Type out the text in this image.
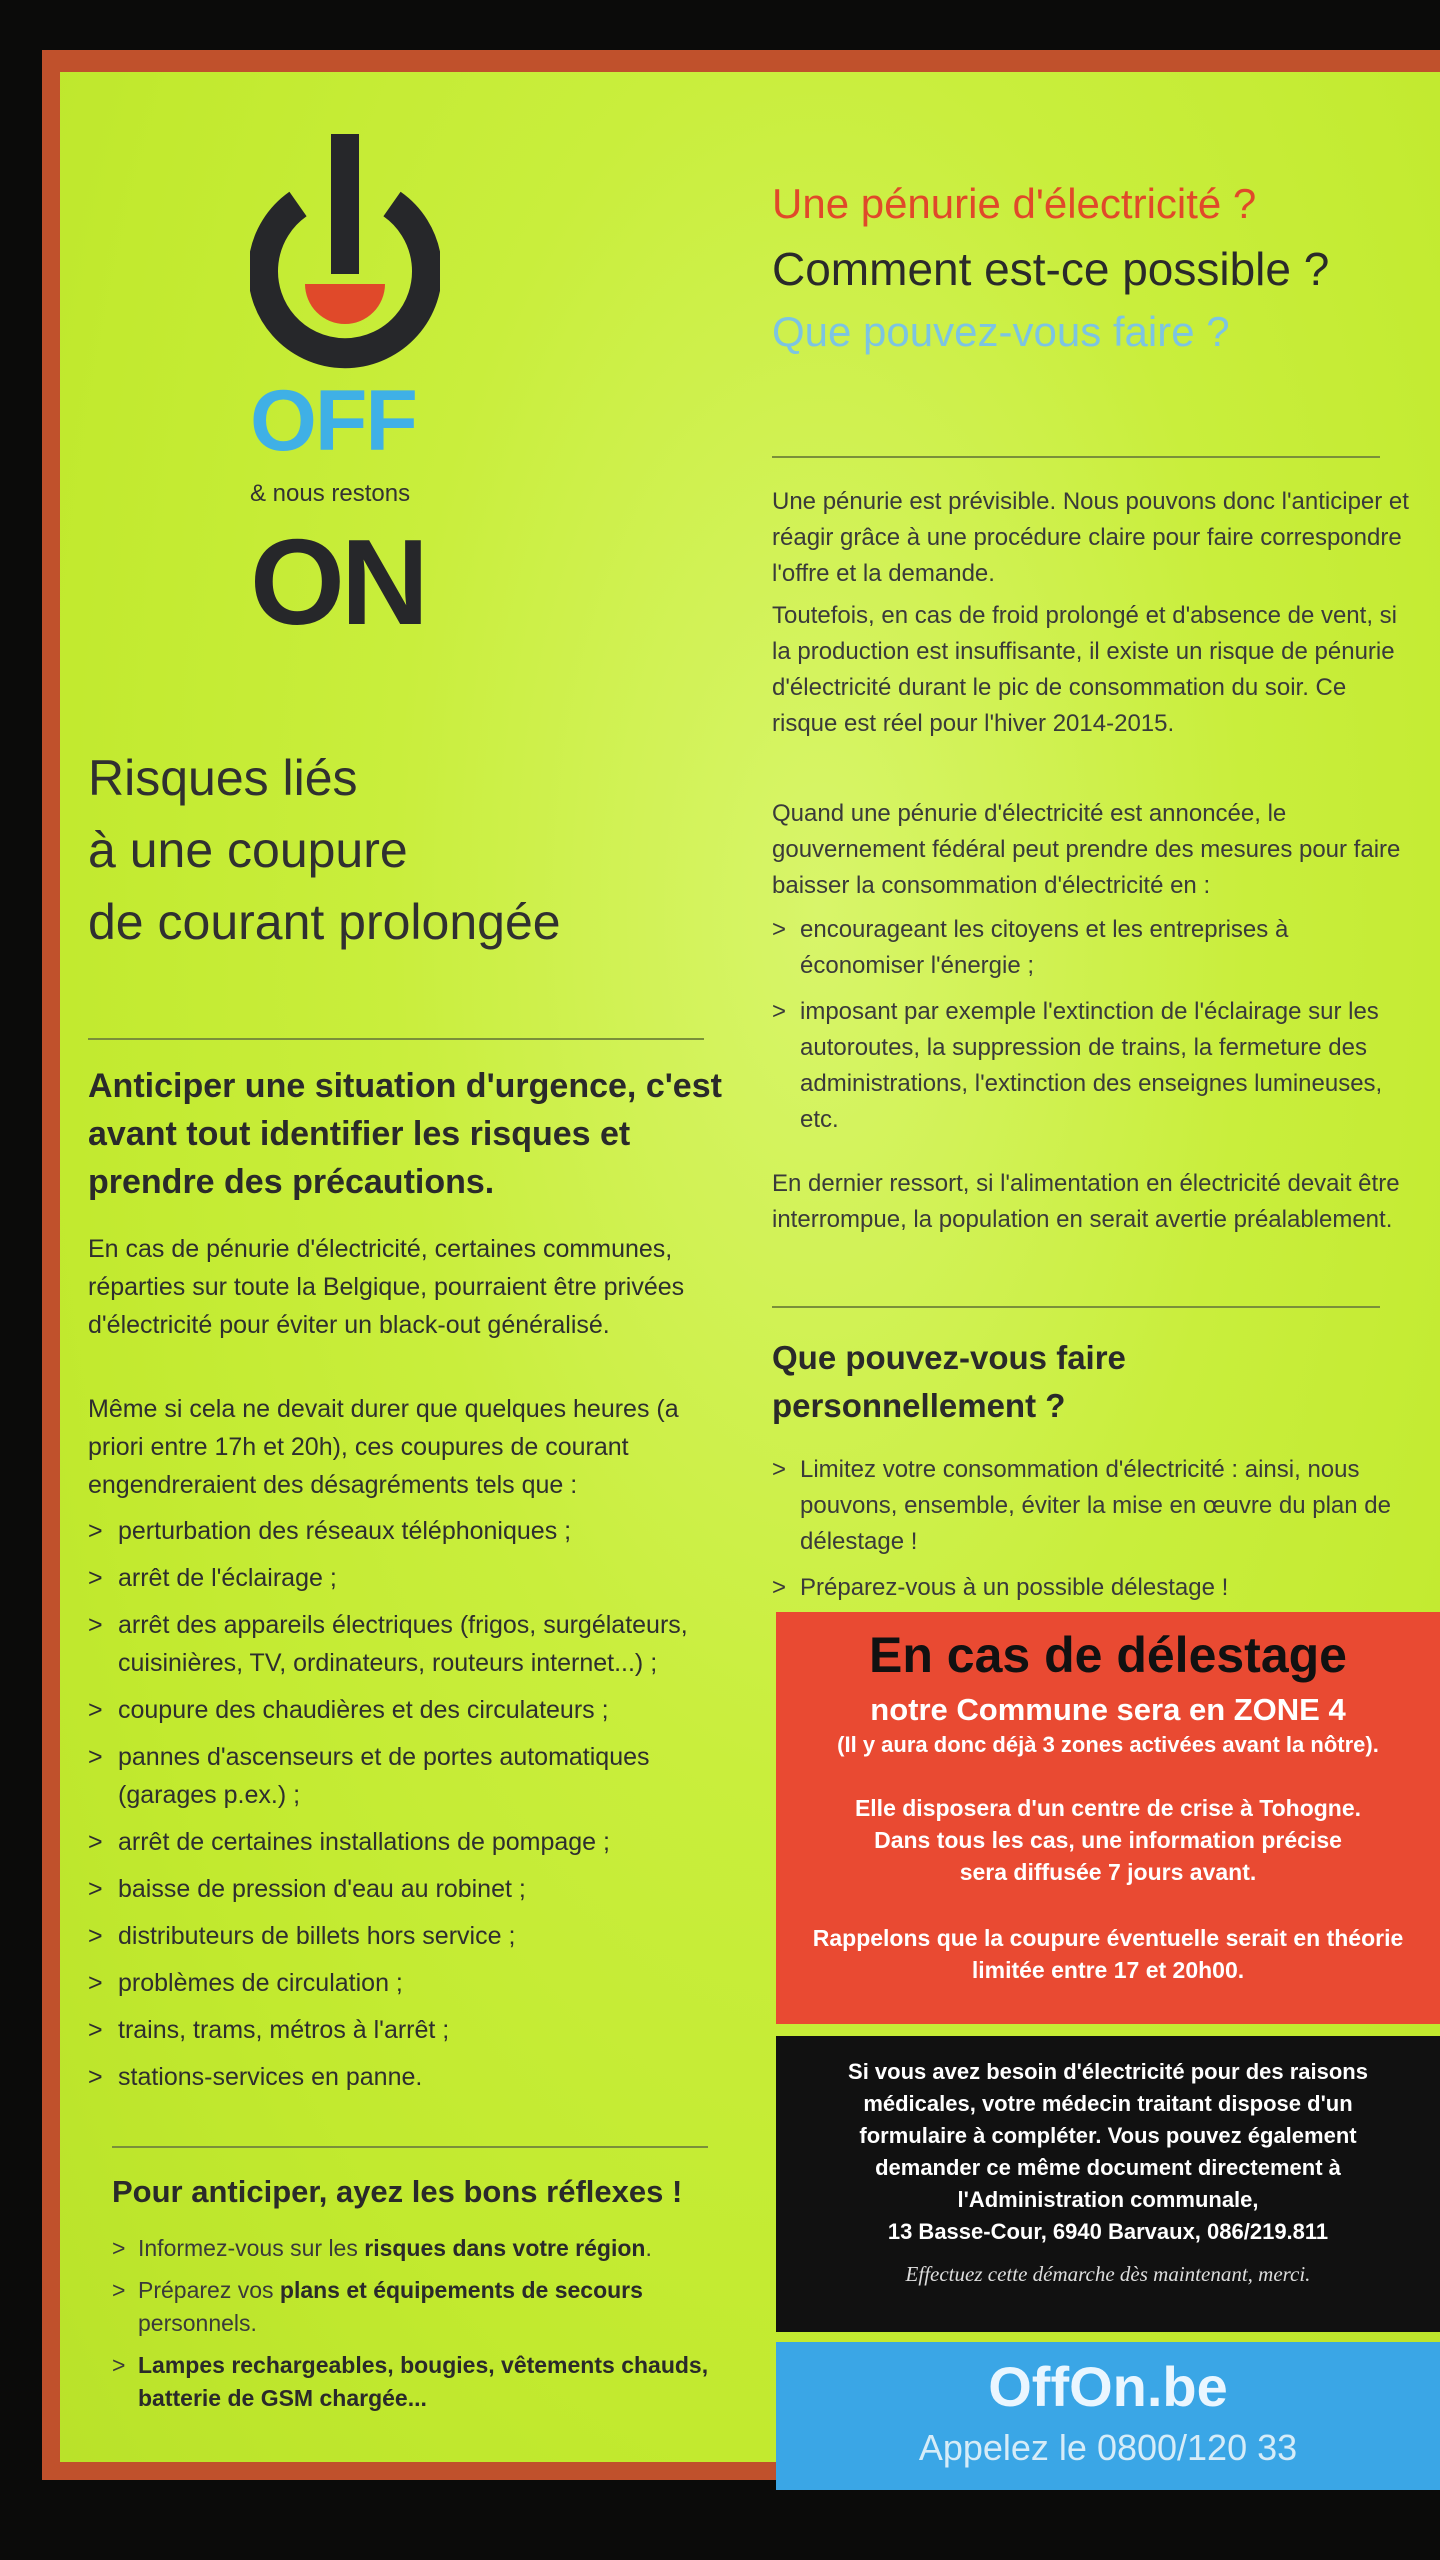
OFF
& nous restons
ON
Risques liés
à une coupure
de courant prolongée
Anticiper une situation d'urgence, c'est
avant tout identifier les risques et
prendre des précautions.
En cas de pénurie d'électricité, certaines communes, réparties sur toute la Belgique, pourraient être privées d'électricité pour éviter un black-out généralisé.
Même si cela ne devait durer que quelques heures (a priori entre 17h et 20h), ces coupures de courant engendreraient des désagréments tels que :
> perturbation des réseaux téléphoniques ;
> arrêt de l'éclairage ;
> arrêt des appareils électriques (frigos, surgélateurs, cuisinières, TV, ordinateurs, routeurs internet...) ;
> coupure des chaudières et des circulateurs ;
> pannes d'ascenseurs et de portes automatiques (garages p.ex.) ;
> arrêt de certaines installations de pompage ;
> baisse de pression d'eau au robinet ;
> distributeurs de billets hors service ;
> problèmes de circulation ;
> trains, trams, métros à l'arrêt ;
> stations-services en panne.
Pour anticiper, ayez les bons réflexes !
> Informez-vous sur les risques dans votre région.
> Préparez vos plans et équipements de secours personnels.
> Lampes rechargeables, bougies, vêtements chauds, batterie de GSM chargée...
Une pénurie d'électricité ?
Comment est-ce possible ?
Que pouvez-vous faire ?
Une pénurie est prévisible. Nous pouvons donc l'anticiper et réagir grâce à une procédure claire pour faire correspondre l'offre et la demande.
Toutefois, en cas de froid prolongé et d'absence de vent, si la production est insuffisante, il existe un risque de pénurie d'électricité durant le pic de consommation du soir. Ce risque est réel pour l'hiver 2014-2015.
Quand une pénurie d'électricité est annoncée, le gouvernement fédéral peut prendre des mesures pour faire baisser la consommation d'électricité en :
> encourageant les citoyens et les entreprises à économiser l'énergie ;
> imposant par exemple l'extinction de l'éclairage sur les autoroutes, la suppression de trains, la fermeture des administrations, l'extinction des enseignes lumineuses, etc.
En dernier ressort, si l'alimentation en électricité devait être interrompue, la population en serait avertie préalablement.
Que pouvez-vous faire
personnellement ?
> Limitez votre consommation d'électricité : ainsi, nous pouvons, ensemble, éviter la mise en œuvre du plan de délestage !
> Préparez-vous à un possible délestage !
En cas de délestage
notre Commune sera en ZONE 4
(Il y aura donc déjà 3 zones activées avant la nôtre).
Elle disposera d'un centre de crise à Tohogne.
Dans tous les cas, une information précise
sera diffusée 7 jours avant.
Rappelons que la coupure éventuelle serait en théorie
limitée entre 17 et 20h00.
Si vous avez besoin d'électricité pour des raisons
médicales, votre médecin traitant dispose d'un
formulaire à compléter. Vous pouvez également
demander ce même document directement à
l'Administration communale,
13 Basse-Cour, 6940 Barvaux, 086/219.811
Effectuez cette démarche dès maintenant, merci.
OffOn.be
Appelez le 0800/120 33
